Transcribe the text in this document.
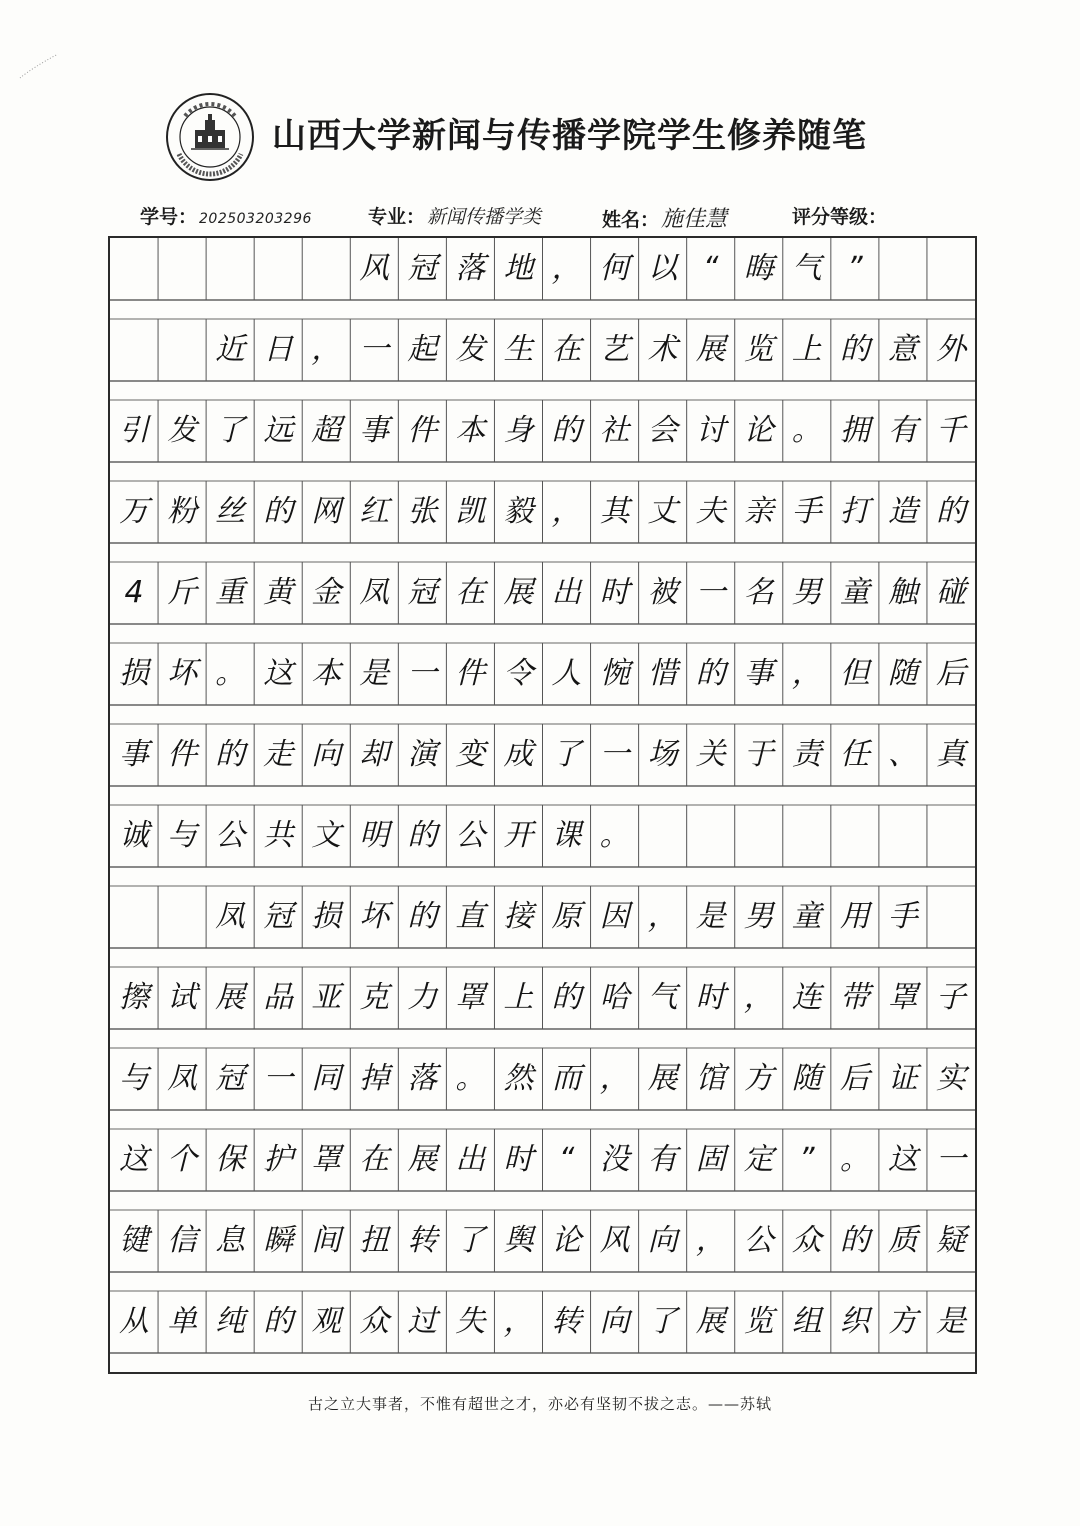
山西大学新闻与传播学院学生修养随笔
学号： 202503203296	专业： 新闻传播学类	姓名：施佳慧	评分等级：
风 冠 落 地 ， 何 以 “ 晦 气 ”
近 日 ， 一 起 发 生 在 艺 术 展 览 上 的 意 外
引 发 了 远 超 事 件 本 身 的 社 会 讨 论 。 拥 有 千
万 粉 丝 的 网 红 张 凯 毅 ， 其 丈 夫 亲 手 打 造 的
4 斤 重 黄 金 凤 冠 在 展 出 时 被 一 名 男 童 触 碰
损 坏 。 这 本 是 一 件 令 人 惋 惜 的 事 ， 但 随 后
事 件 的 走 向 却 演 变 成 了 一 场 关 于 责 任 、 真
诚 与 公 共 文 明 的 公 开 课 。
凤 冠 损 坏 的 直 接 原 因 ， 是 男 童 用 手
擦 试 展 品 亚 克 力 罩 上 的 哈 气 时 ， 连 带 罩 子
与 凤 冠 一 同 掉 落 。 然 而 ， 展 馆 方 随 后 证 实
这 个 保 护 罩 在 展 出 时 “ 没 有 固 定 ” 。 这 一
键 信 息 瞬 间 扭 转 了 舆 论 风 向 ， 公 众 的 质 疑
从 单 纯 的 观 众 过 失 ， 转 向 了 展 览 组 织 方 是
古之立大事者，不惟有超世之才，亦必有坚韧不拔之志。——苏轼
